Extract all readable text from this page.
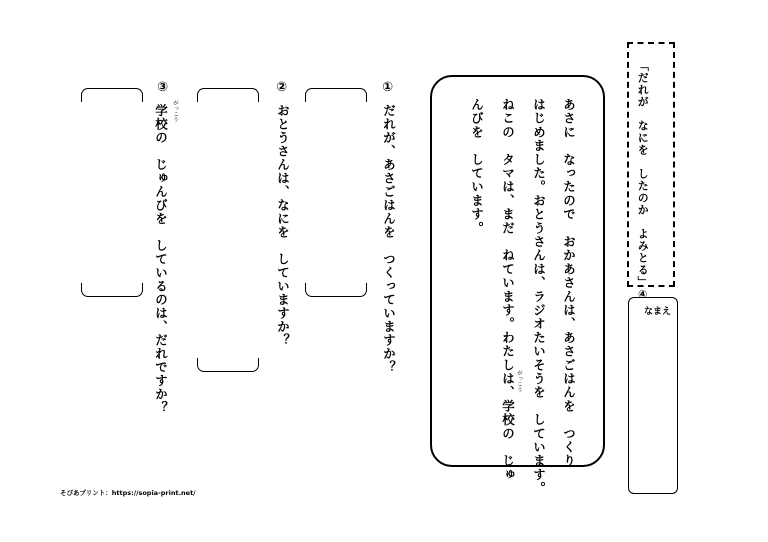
「だれが　なにを　したのか　よみとる」④
なまえ
あさに　なったので　おかあさんは、あさごはんを　つくり
はじめました。おとうさんは、ラジオたいそうを　しています。
ねこの　タマは、まだ　ねています。わたしは、学校の　じゅ がっこう
んびを　しています。
①
だれが、あさごはんを　つくっていますか？
②
おとうさんは、なにを　していますか？
③
がっこう
学校の　じゅんびを　しているのは、だれですか？
そぴあプリント：https://sopia-print.net/
